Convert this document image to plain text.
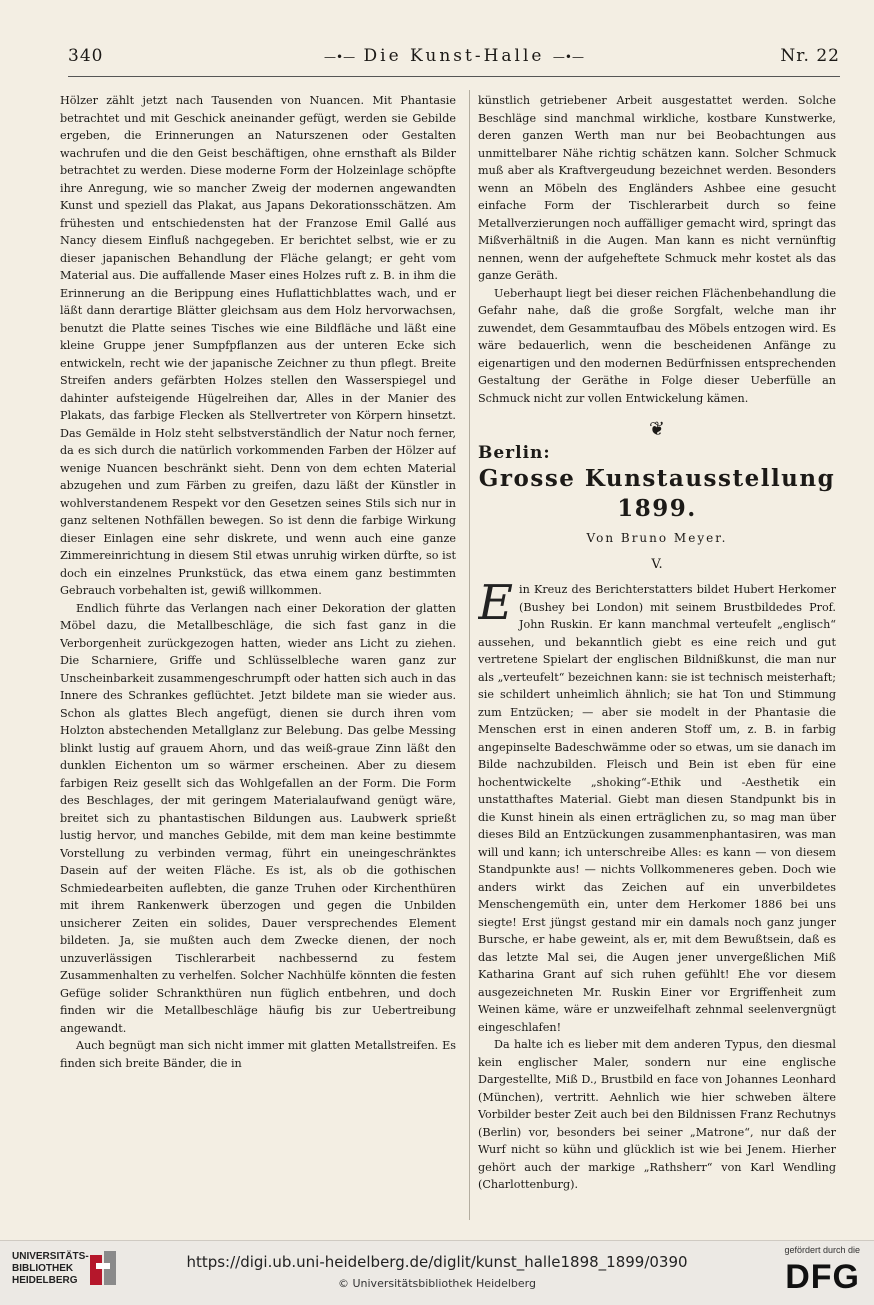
340	—•— Die Kunst-Halle —•—	Nr. 22

Hölzer zählt jetzt nach Tausenden von Nuancen. Mit Phantasie betrachtet und mit Geschick aneinander gefügt, werden sie Gebilde ergeben, die Erinnerungen an Naturszenen oder Gestalten wachrufen und die den Geist beschäftigen, ohne ernsthaft als Bilder betrachtet zu werden. Diese moderne Form der Holzeinlage schöpfte ihre Anregung, wie so mancher Zweig der modernen angewandten Kunst und speziell das Plakat, aus Japans Dekorationsschätzen. Am frühesten und entschiedensten hat der Franzose Emil Gallé aus Nancy diesem Einfluß nachgegeben. Er berichtet selbst, wie er zu dieser japanischen Behandlung der Fläche gelangt; er geht vom Material aus. Die auffallende Maser eines Holzes ruft z. B. in ihm die Erinnerung an die Berippung eines Huflattichblattes wach, und er läßt dann derartige Blätter gleichsam aus dem Holz hervorwachsen, benutzt die Platte seines Tisches wie eine Bildfläche und läßt eine kleine Gruppe jener Sumpfpflanzen aus der unteren Ecke sich entwickeln, recht wie der japanische Zeichner zu thun pflegt. Breite Streifen anders gefärbten Holzes stellen den Wasserspiegel und dahinter aufsteigende Hügelreihen dar, Alles in der Manier des Plakats, das farbige Flecken als Stellvertreter von Körpern hinsetzt. Das Gemälde in Holz steht selbstverständlich der Natur noch ferner, da es sich durch die natürlich vorkommenden Farben der Hölzer auf wenige Nuancen beschränkt sieht. Denn von dem echten Material abzugehen und zum Färben zu greifen, dazu läßt der Künstler in wohlverstandenem Respekt vor den Gesetzen seines Stils sich nur in ganz seltenen Nothfällen bewegen. So ist denn die farbige Wirkung dieser Einlagen eine sehr diskrete, und wenn auch eine ganze Zimmereinrichtung in diesem Stil etwas unruhig wirken dürfte, so ist doch ein einzelnes Prunkstück, das etwa einem ganz bestimmten Gebrauch vorbehalten ist, gewiß willkommen.

Endlich führte das Verlangen nach einer Dekoration der glatten Möbel dazu, die Metallbeschläge, die sich fast ganz in die Verborgenheit zurückgezogen hatten, wieder ans Licht zu ziehen. Die Scharniere, Griffe und Schlüsselbleche waren ganz zur Unscheinbarkeit zusammengeschrumpft oder hatten sich auch in das Innere des Schrankes geflüchtet. Jetzt bildete man sie wieder aus. Schon als glattes Blech angefügt, dienen sie durch ihren vom Holzton abstechenden Metallglanz zur Belebung. Das gelbe Messing blinkt lustig auf grauem Ahorn, und das weiß-graue Zinn läßt den dunklen Eichenton um so wärmer erscheinen. Aber zu diesem farbigen Reiz gesellt sich das Wohlgefallen an der Form. Die Form des Beschlages, der mit geringem Materialaufwand genügt wäre, breitet sich zu phantastischen Bildungen aus. Laubwerk sprießt lustig hervor, und manches Gebilde, mit dem man keine bestimmte Vorstellung zu verbinden vermag, führt ein uneingeschränktes Dasein auf der weiten Fläche. Es ist, als ob die gothischen Schmiedearbeiten auflebten, die ganze Truhen oder Kirchenthüren mit ihrem Rankenwerk überzogen und gegen die Unbilden unsicherer Zeiten ein solides, Dauer versprechendes Element bildeten. Ja, sie mußten auch dem Zwecke dienen, der noch unzuverlässigen Tischlerarbeit nachbessernd zu festem Zusammenhalten zu verhelfen. Solcher Nachhülfe könnten die festen Gefüge solider Schrankthüren nun füglich entbehren, und doch finden wir die Metallbeschläge häufig bis zur Uebertreibung angewandt.

Auch begnügt man sich nicht immer mit glatten Metallstreifen. Es finden sich breite Bänder, die in

künstlich getriebener Arbeit ausgestattet werden. Solche Beschläge sind manchmal wirkliche, kostbare Kunstwerke, deren ganzen Werth man nur bei Beobachtungen aus unmittelbarer Nähe richtig schätzen kann. Solcher Schmuck muß aber als Kraftvergeudung bezeichnet werden. Besonders wenn an Möbeln des Engländers Ashbee eine gesucht einfache Form der Tischlerarbeit durch so feine Metallverzierungen noch auffälliger gemacht wird, springt das Mißverhältniß in die Augen. Man kann es nicht vernünftig nennen, wenn der aufgeheftete Schmuck mehr kostet als das ganze Geräth.

Ueberhaupt liegt bei dieser reichen Flächenbehandlung die Gefahr nahe, daß die große Sorgfalt, welche man ihr zuwendet, dem Gesammtaufbau des Möbels entzogen wird. Es wäre bedauerlich, wenn die bescheidenen Anfänge zu eigenartigen und den modernen Bedürfnissen entsprechenden Gestaltung der Geräthe in Folge dieser Ueberfülle an Schmuck nicht zur vollen Entwickelung kämen.

❦
Berlin:
Grosse Kunstausstellung 1899.
Von Bruno Meyer.
V.

Ein Kreuz des Berichterstatters bildet Hubert Herkomer (Bushey bei London) mit seinem Brustbildedes Prof. John Ruskin. Er kann manchmal verteufelt „englisch“ aussehen, und bekanntlich giebt es eine reich und gut vertretene Spielart der englischen Bildnißkunst, die man nur als „verteufelt“ bezeichnen kann: sie ist technisch meisterhaft; sie schildert unheimlich ähnlich; sie hat Ton und Stimmung zum Entzücken; — aber sie modelt in der Phantasie die Menschen erst in einen anderen Stoff um, z. B. in farbig angepinselte Badeschwämme oder so etwas, um sie danach im Bilde nachzubilden. Fleisch und Bein ist eben für eine hochentwickelte „shoking“-Ethik und -Aesthetik ein unstatthaftes Material. Giebt man diesen Standpunkt bis in die Kunst hinein als einen erträglichen zu, so mag man über dieses Bild an Entzückungen zusammenphantasiren, was man will und kann; ich unterschreibe Alles: es kann — von diesem Standpunkte aus! — nichts Vollkommeneres geben. Doch wie anders wirkt das Zeichen auf ein unverbildetes Menschengemüth ein, unter dem Herkomer 1886 bei uns siegte! Erst jüngst gestand mir ein damals noch ganz junger Bursche, er habe geweint, als er, mit dem Bewußtsein, daß es das letzte Mal sei, die Augen jener unvergeßlichen Miß Katharina Grant auf sich ruhen gefühlt! Ehe vor diesem ausgezeichneten Mr. Ruskin Einer vor Ergriffenheit zum Weinen käme, wäre er unzweifelhaft zehnmal seelenvergnügt eingeschlafen!

Da halte ich es lieber mit dem anderen Typus, den diesmal kein englischer Maler, sondern nur eine englische Dargestellte, Miß D., Brustbild en face von Johannes Leonhard (München), vertritt. Aehnlich wie hier schweben ältere Vorbilder bester Zeit auch bei den Bildnissen Franz Rechutnys (Berlin) vor, besonders bei seiner „Matrone“, nur daß der Wurf nicht so kühn und glücklich ist wie bei Jenem. Hierher gehört auch der markige „Rathsherr“ von Karl Wendling (Charlottenburg).

UNIVERSITÄTS-
BIBLIOTHEK
HEIDELBERG
https://digi.ub.uni-heidelberg.de/diglit/kunst_halle1898_1899/0390
© Universitätsbibliothek Heidelberg
gefördert durch die
DFG
